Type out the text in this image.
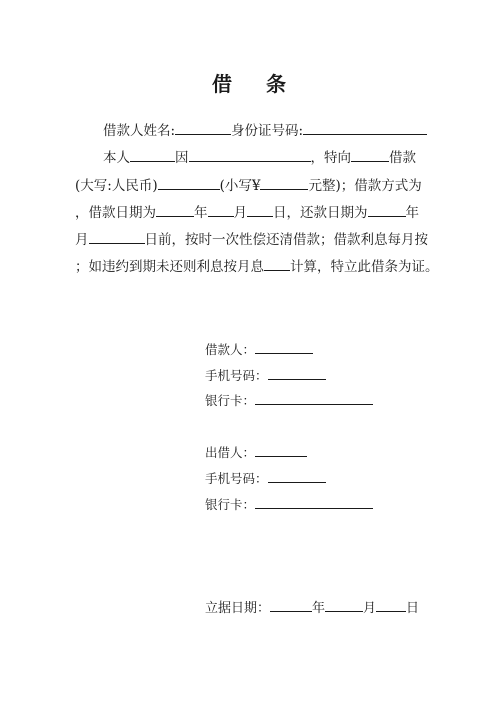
借 条
借款人姓名:	身份证号码:
本人	因	，特向	借款
(大写:人民币)	(小写¥	元整)；借款方式为
，借款日期为	年 月 日，还款日期为	年
月	日前，按时一次性偿还清借款；借款利息每月按
；如违约到期未还则利息按月息 计算，特立此借条为证。
借款人：
手机号码：
银行卡：
出借人：
手机号码：
银行卡：
立据日期：	年	月 日
